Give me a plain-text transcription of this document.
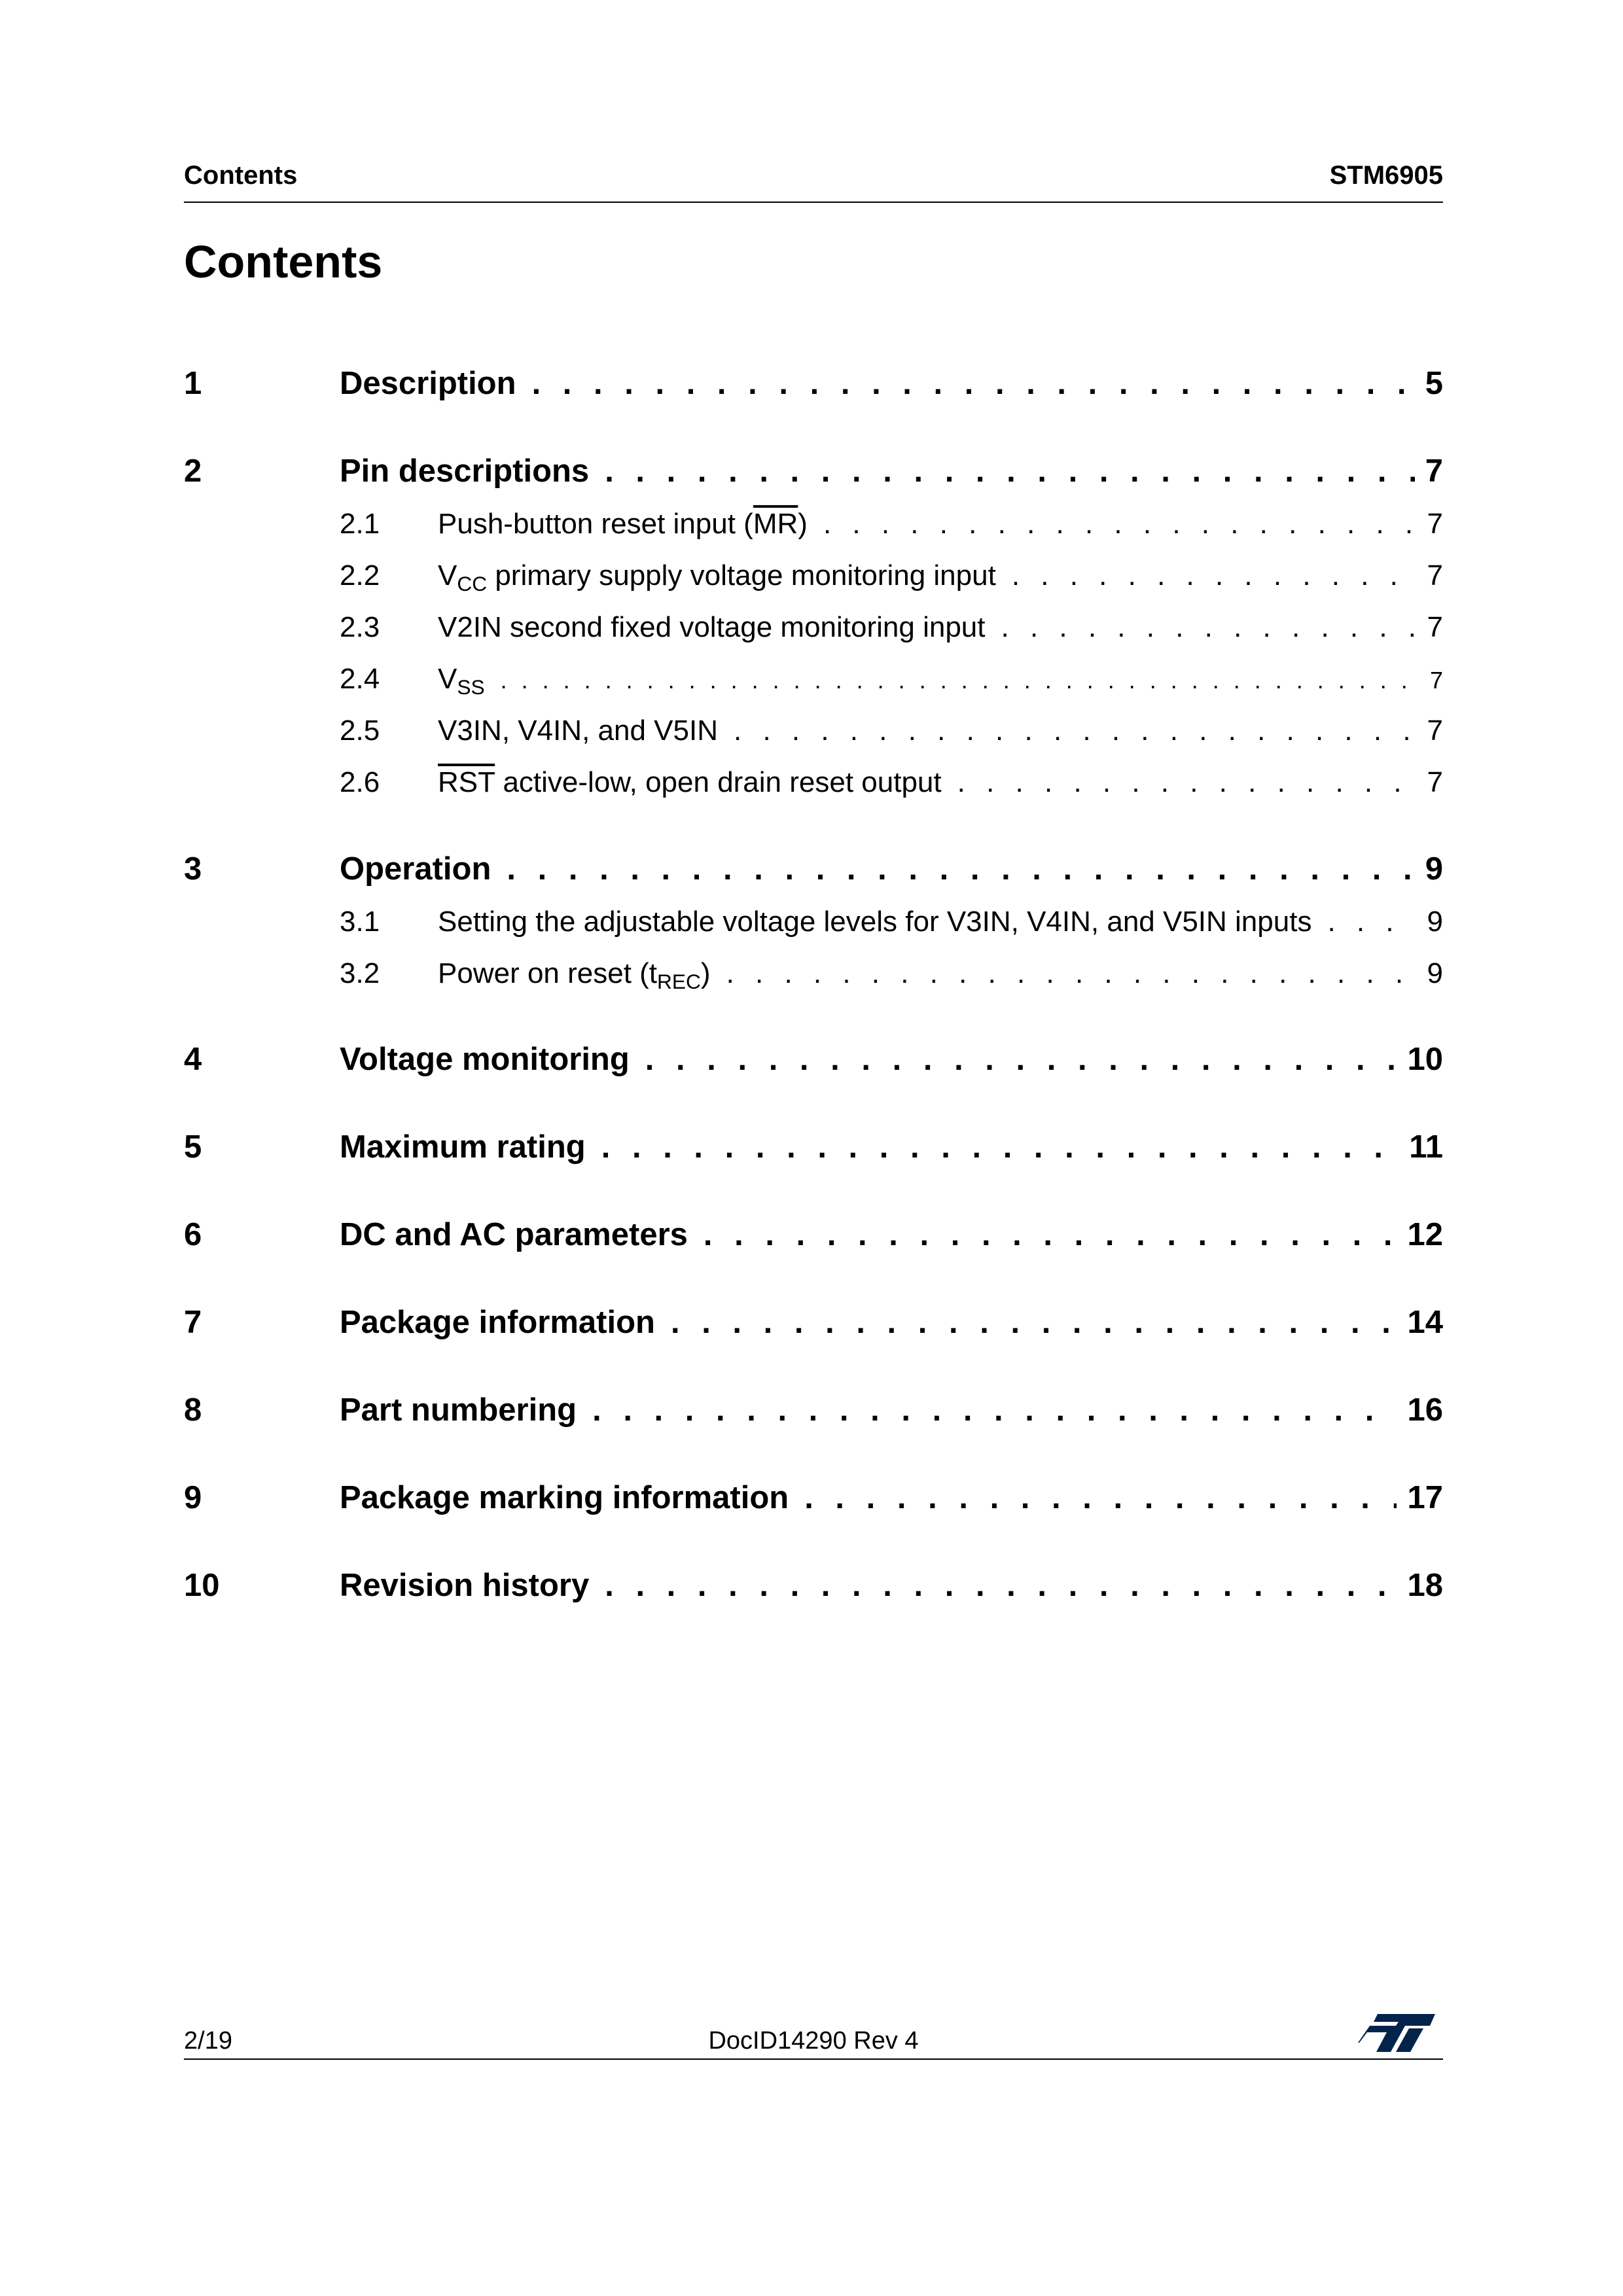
Contents	STM6905
Contents
1	Description . . .	5
2	Pin descriptions . . .	7
2.1	Push-button reset input $(\overline{MR})$ . . .	7
2.2	$V_{CC}$ primary supply voltage monitoring input . . .	7
2.3	V2IN second fixed voltage monitoring input . . .	7
2.4	$V_{SS}$ . . .	7
2.5	V3IN, V4IN, and V5IN . . .	7
2.6	$\overline{RST}$ active-low, open drain reset output . . .	7
3	Operation . . .	9
3.1	Setting the adjustable voltage levels for V3IN, V4IN, and V5IN inputs . . .	9
3.2	Power on reset $(t_{REC})$ . . .	9
4	Voltage monitoring . . .	10
5	Maximum rating . . .	11
6	DC and AC parameters . . .	12
7	Package information . . .	14
8	Part numbering . . .	16
9	Package marking information . . .	17
10	Revision history . . .	18
2/19	DocID14290 Rev 4
